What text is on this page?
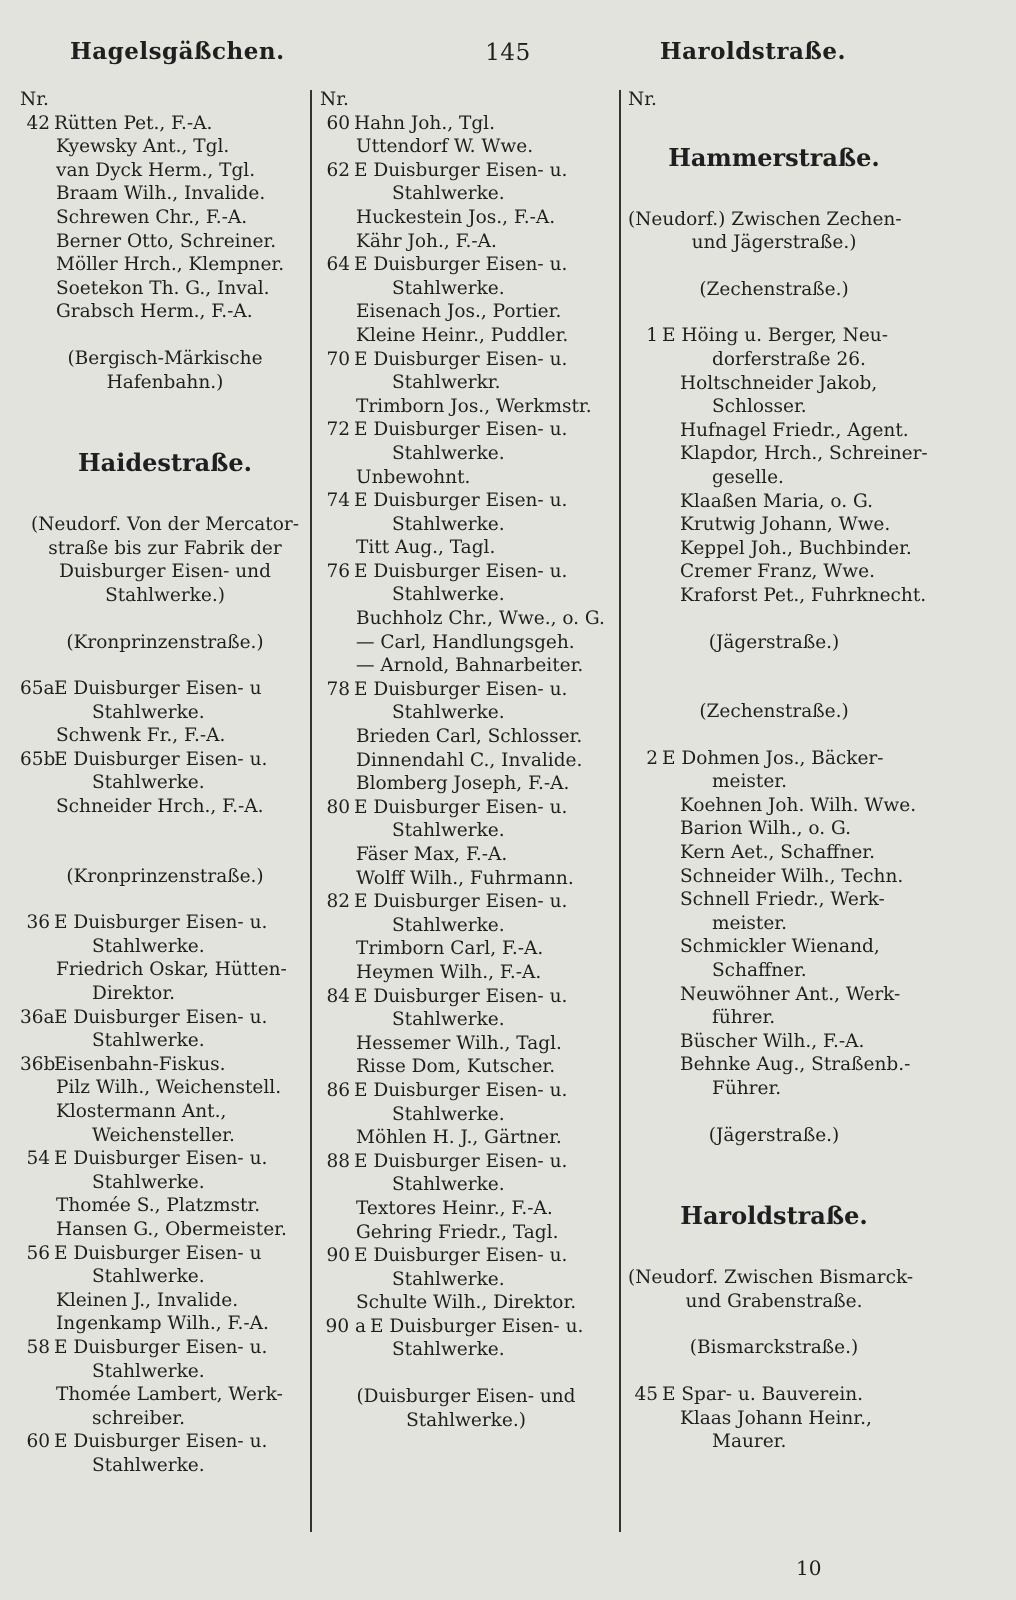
Hagelsgäßchen.	145	Haroldstraße.
Nr.
42 Rütten Pet., F.-A.
Kyewsky Ant., Tgl.
van Dyck Herm., Tgl.
Braam Wilh., Invalide.
Schrewen Chr., F.-A.
Berner Otto, Schreiner.
Möller Hrch., Klempner.
Soetekon Th. G., Inval.
Grabsch Herm., F.-A.
(Bergisch-Märkische
Hafenbahn.)
Haidestraße.
(Neudorf. Von der Mercator-
straße bis zur Fabrik der
Duisburger Eisen- und
Stahlwerke.)
(Kronprinzenstraße.)
65aE Duisburger Eisen- u
Stahlwerke.
Schwenk Fr., F.-A.
65bE Duisburger Eisen- u.
Stahlwerke.
Schneider Hrch., F.-A.
(Kronprinzenstraße.)
36 E Duisburger Eisen- u.
Stahlwerke.
Friedrich Oskar, Hütten-
Direktor.
36aE Duisburger Eisen- u.
Stahlwerke.
36bEisenbahn-Fiskus.
Pilz Wilh., Weichenstell.
Klostermann Ant.,
Weichensteller.
54 E Duisburger Eisen- u.
Stahlwerke.
Thomée S., Platzmstr.
Hansen G., Obermeister.
56 E Duisburger Eisen- u
Stahlwerke.
Kleinen J., Invalide.
Ingenkamp Wilh., F.-A.
58 E Duisburger Eisen- u.
Stahlwerke.
Thomée Lambert, Werk-
schreiber.
60 E Duisburger Eisen- u.
Stahlwerke.
Nr.
60 Hahn Joh., Tgl.
Uttendorf W. Wwe.
62 E Duisburger Eisen- u.
Stahlwerke.
Huckestein Jos., F.-A.
Kähr Joh., F.-A.
64 E Duisburger Eisen- u.
Stahlwerke.
Eisenach Jos., Portier.
Kleine Heinr., Puddler.
70 E Duisburger Eisen- u.
Stahlwerkr.
Trimborn Jos., Werkmstr.
72 E Duisburger Eisen- u.
Stahlwerke.
Unbewohnt.
74 E Duisburger Eisen- u.
Stahlwerke.
Titt Aug., Tagl.
76 E Duisburger Eisen- u.
Stahlwerke.
Buchholz Chr., Wwe., o. G.
— Carl, Handlungsgeh.
— Arnold, Bahnarbeiter.
78 E Duisburger Eisen- u.
Stahlwerke.
Brieden Carl, Schlosser.
Dinnendahl C., Invalide.
Blomberg Joseph, F.-A.
80 E Duisburger Eisen- u.
Stahlwerke.
Fäser Max, F.-A.
Wolff Wilh., Fuhrmann.
82 E Duisburger Eisen- u.
Stahlwerke.
Trimborn Carl, F.-A.
Heymen Wilh., F.-A.
84 E Duisburger Eisen- u.
Stahlwerke.
Hessemer Wilh., Tagl.
Risse Dom, Kutscher.
86 E Duisburger Eisen- u.
Stahlwerke.
Möhlen H. J., Gärtner.
88 E Duisburger Eisen- u.
Stahlwerke.
Textores Heinr., F.-A.
Gehring Friedr., Tagl.
90 E Duisburger Eisen- u.
Stahlwerke.
Schulte Wilh., Direktor.
90 a E Duisburger Eisen- u.
Stahlwerke.
(Duisburger Eisen- und
Stahlwerke.)
Nr.
Hammerstraße.
(Neudorf.) Zwischen Zechen-
und Jägerstraße.)
(Zechenstraße.)
1 E Höing u. Berger, Neu-
dorferstraße 26.
Holtschneider Jakob,
Schlosser.
Hufnagel Friedr., Agent.
Klapdor, Hrch., Schreiner-
geselle.
Klaaßen Maria, o. G.
Krutwig Johann, Wwe.
Keppel Joh., Buchbinder.
Cremer Franz, Wwe.
Kraforst Pet., Fuhrknecht.
(Jägerstraße.)
(Zechenstraße.)
2 E Dohmen Jos., Bäcker-
meister.
Koehnen Joh. Wilh. Wwe.
Barion Wilh., o. G.
Kern Aet., Schaffner.
Schneider Wilh., Techn.
Schnell Friedr., Werk-
meister.
Schmickler Wienand,
Schaffner.
Neuwöhner Ant., Werk-
führer.
Büscher Wilh., F.-A.
Behnke Aug., Straßenb.-
Führer.
(Jägerstraße.)
Haroldstraße.
(Neudorf. Zwischen Bismarck-
und Grabenstraße.
(Bismarckstraße.)
45 E Spar- u. Bauverein.
Klaas Johann Heinr.,
Maurer.
10
